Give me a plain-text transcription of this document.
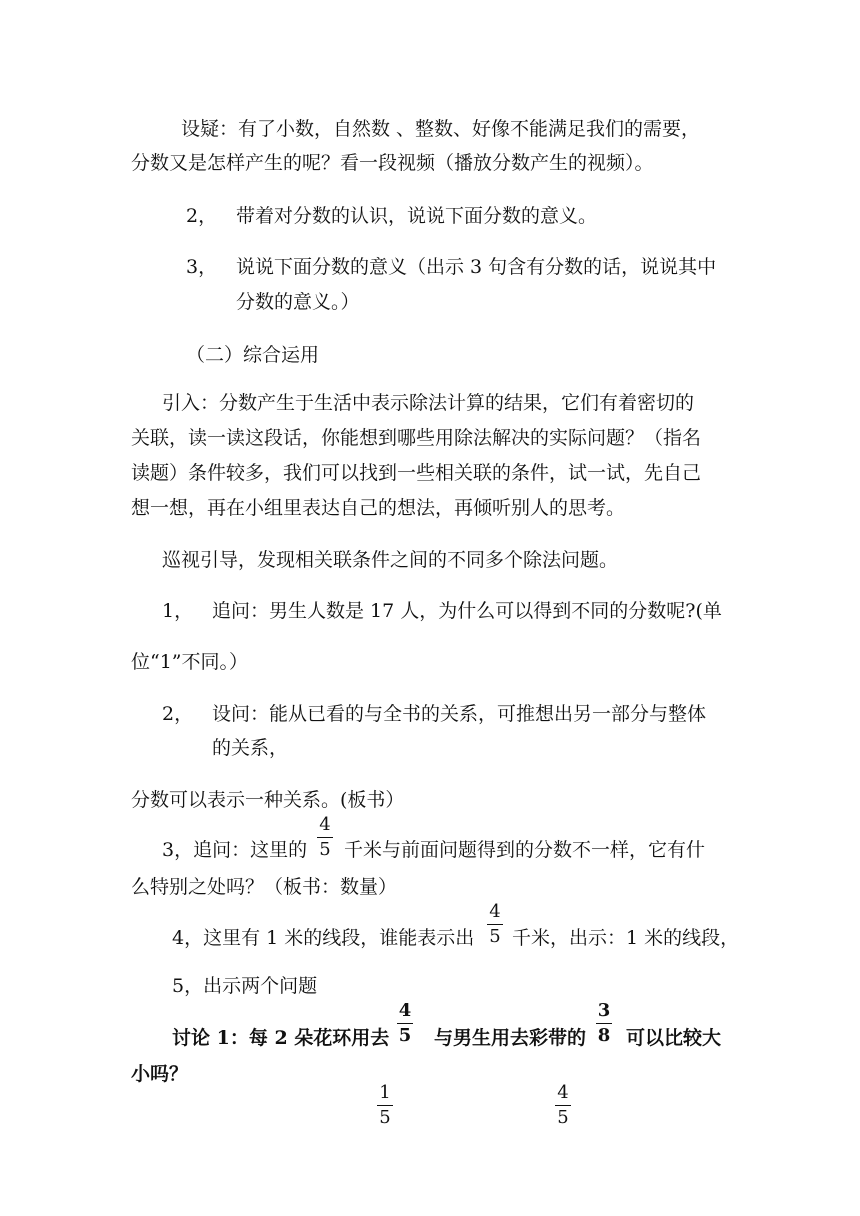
设疑：有了小数，自然数 、整数、好像不能满足我们的需要，
分数又是怎样产生的呢？看一段视频（播放分数产生的视频）。
2， 带着对分数的认识，说说下面分数的意义。
3， 说说下面分数的意义（出示 3 句含有分数的话，说说其中
分数的意义。）
（二）综合运用
引入：分数产生于生活中表示除法计算的结果，它们有着密切的
关联，读一读这段话，你能想到哪些用除法解决的实际问题？（指名
读题）条件较多，我们可以找到一些相关联的条件，试一试，先自己
想一想，再在小组里表达自己的想法，再倾听别人的思考。
巡视引导，发现相关联条件之间的不同多个除法问题。
1， 追问：男生人数是 17 人，为什么可以得到不同的分数呢?(单
位“1”不同。）
2， 设问：能从已看的与全书的关系，可推想出另一部分与整体
的关系，
分数可以表示一种关系。(板书）
3，追问：这里的
4
5 千米与前面问题得到的分数不一样，它有什
么特别之处吗？（板书：数量）
4，这里有 1 米的线段，谁能表示出
4
5 千米，出示：1 米的线段，
5，出示两个问题
讨论 1：每 2 朵花环用去
4
5 与男生用去彩带的
3
8 可以比较大
小吗？
1
5
4
5
